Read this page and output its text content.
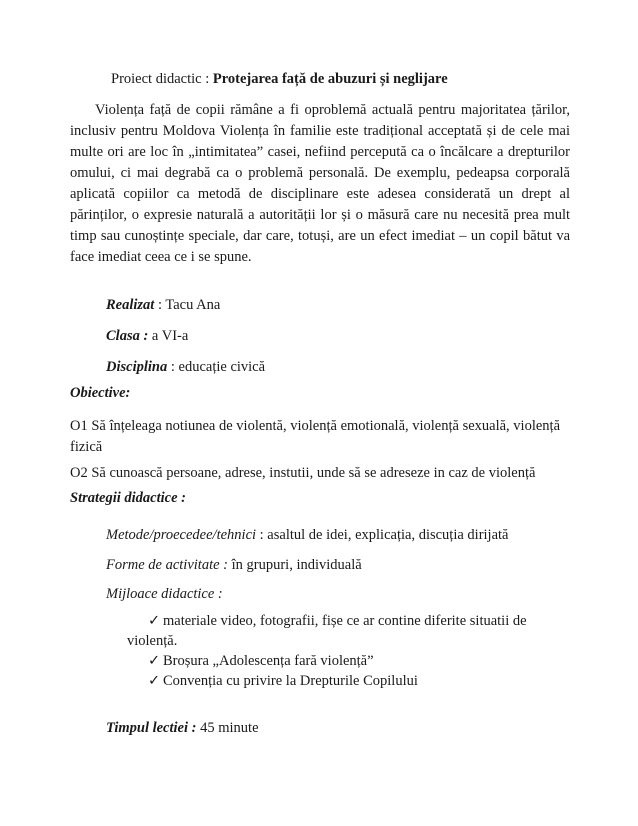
Proiect didactic : Protejarea față de abuzuri și neglijare

Violența față de copii rămâne a fi oproblemă actuală pentru majoritatea țărilor, inclusiv pentru Moldova Violența în familie este tradițional acceptată și de cele mai multe ori are loc în „intimitatea” casei, nefiind percepută ca o încălcare a drepturilor omului, ci mai degrabă ca o problemă personală. De exemplu, pedeapsa corporală aplicată copiilor ca metodă de disciplinare este adesea considerată un drept al părinților, o expresie naturală a autorității lor și o măsură care nu necesită prea mult timp sau cunoștințe speciale, dar care, totuși, are un efect imediat – un copil bătut va face imediat ceea ce i se spune.

Realizat : Tacu Ana
Clasa : a VI-a
Disciplina : educație civică
Obiective:
O1 Să înțeleaga notiunea de violentă, violență emotională, violență sexuală, violență fizică
O2 Să cunoască persoane, adrese, instutii, unde să se adreseze in caz de violență
Strategii didactice :
Metode/proecedee/tehnici : asaltul de idei, explicația, discuția dirijată
Forme de activitate : în grupuri, individuală
Mijloace didactice :
✓ materiale video, fotografii, fișe ce ar contine diferite situatii de
violență.
✓ Broșura „Adolescența fară violență”
✓ Convenția cu privire la Drepturile Copilului
Timpul lectiei : 45 minute
